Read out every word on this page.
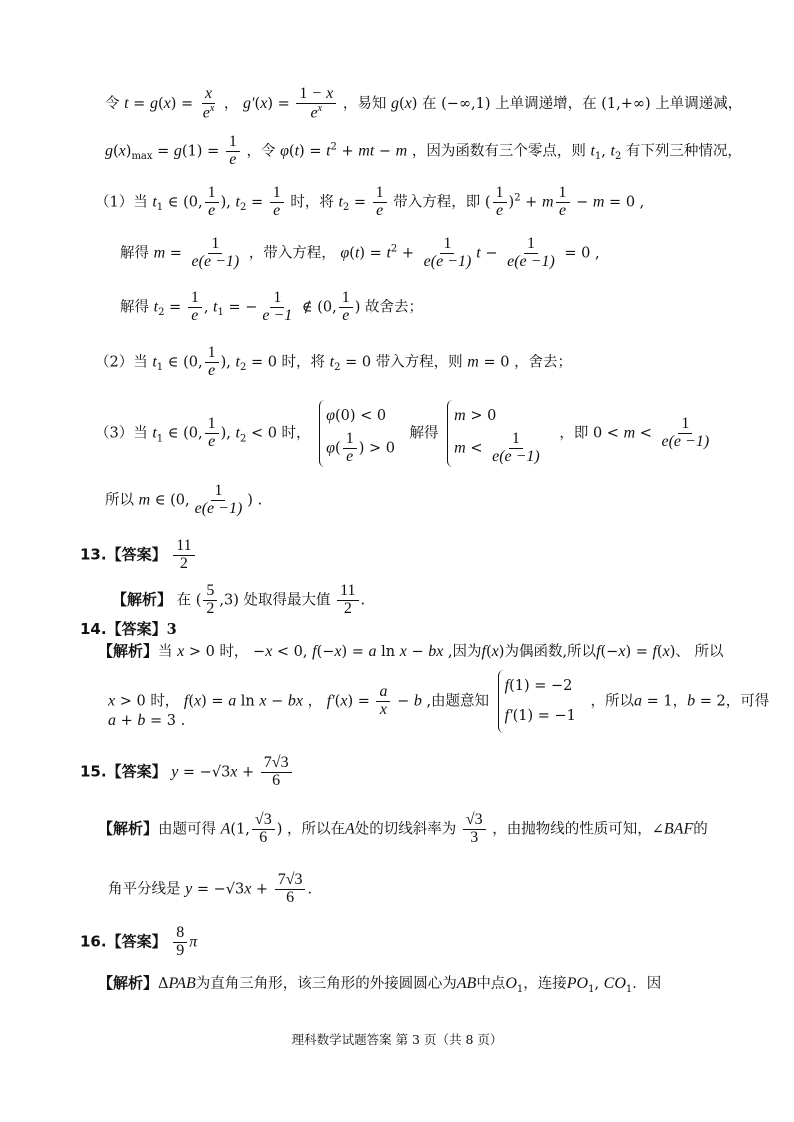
令 $t = g(x) = \frac{x}{e^x}$ ， $g'(x) = \frac{1 - x}{e^x}$ ，易知 g(x) 在 (−∞,1) 上单调递增，在 (1,+∞) 上单调递减，
$g(x)_{max} = g(1) = \frac{1}{e}$ ，令 $\varphi(t) = t^2$ + mt − m ，因为函数有三个零点，则 $t_1$, $t_2$ 有下列三种情况，
（1）当 $t_1$ ∈ (0, $\frac{1}{e}$ ), $t_2 = \frac{1}{e}$ 时，将 $t_2 = \frac{1}{e}$ 带入方程，即 ( $\frac{1}{e} )^2 + m \frac{1}{e} - m = 0$ ,
解得 $m = \frac{1}{e(e -1)}$ ，带入方程， $\varphi(t) = t^2 + \frac{1}{e(e -1)}$ $t - \frac{1}{e(e -1)} = 0$ ,
解得 $t_2 = \frac{1}{e}$ , $t_1$ = − $\frac{1}{e -1}$ ∉ (0, $\frac{1}{e}$ ) 故舍去；
（2）当 $t_1$ ∈ (0, $\frac{1}{e}$ ), $t_2 = 0$ 时，将 $t_2 = 0$ 带入方程，则 m = 0 ，舍去；
（3）当 $t_1$ ∈ (0, $\frac{1}{e}$ ), $t_2 < 0$ 时， φ(0) < 0
$\varphi( \frac{1}{e}$ ) > 0 解得 m > 0
$m < \frac{1}{e(e -1)}$ ，即 $0 < m < \frac{1}{e(e -1)}$
所以 m ∈ (0, $\frac{1}{e(e -1)}$ ) .
13.【答案】 $\frac{11}{2}$
【解析】 在 ( $\frac{5}{2} ,3$) 处取得最大值 $\frac{11}{2}$ .
14.【答案】3
【解析】当 x > 0 时， −x < 0, f(−x) = a ln x − bx ,因为f(x)为偶函数,所以f(−x) = f(x)、 所以
x > 0 时， f(x) = a ln x − bx ， $f'(x) = \frac{a}{x} - b$ ,由题意知 f(1) = −2
f′(1) = −1 ，所以a = 1，b = 2，可得
a + b = 3 .
15.【答案】 $y = -√3x + \frac{7√3}{6}$
【解析】由题可得 A(1, $\frac{√3}{6}$ ) ，所以在A处的切线斜率为 $\frac{√3}{3}$ ，由抛物线的性质可知，∠BAF的
角平分线是 $y = -√3x + \frac{7√3}{6}$ .
16.【答案】 $\frac{8}{9}$ π
【解析】ΔPAB为直角三角形，该三角形的外接圆圆心为AB中点$O_1$，连接$PO_1$, $CO_1$．因
理科数学试题答案 第 3 页（共 8 页）
